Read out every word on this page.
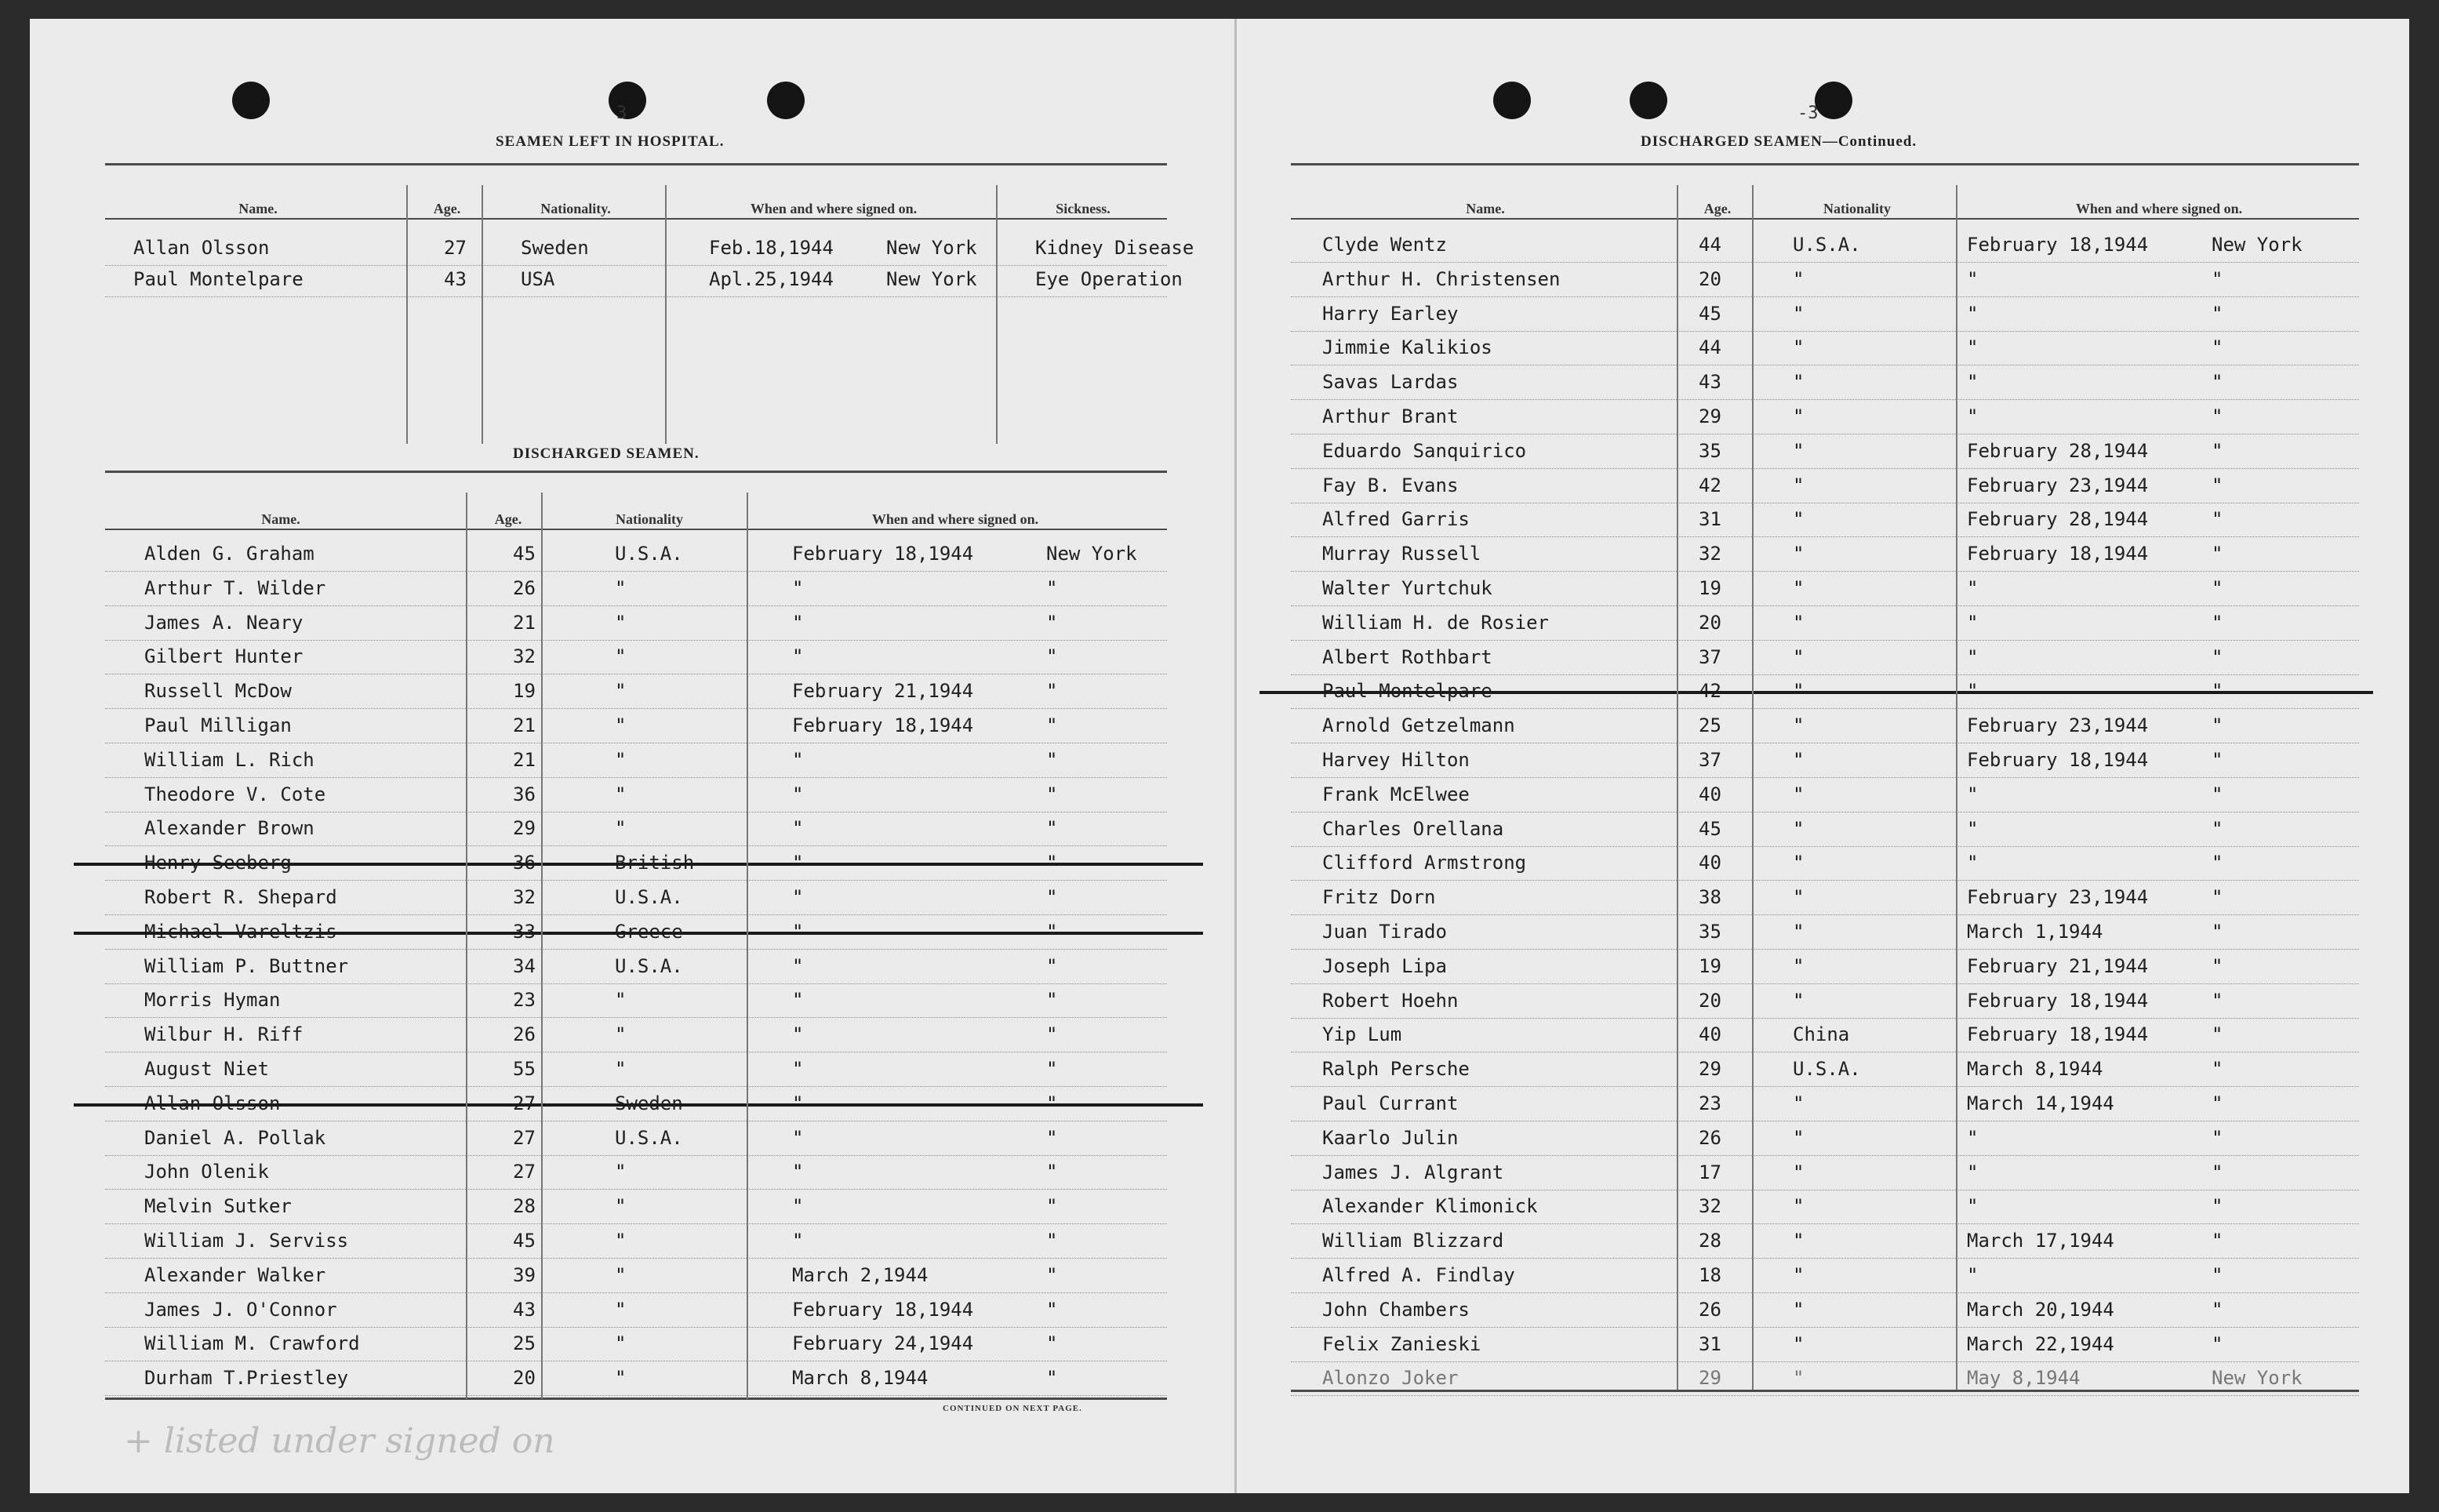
3
SEAMEN LEFT IN HOSPITAL.
Allan Olsson	27	Sweden	Feb.18,1944	New York	Kidney Disease
Paul Montelpare	43	USA	Apl.25,1944	New York	Eye Operation
DISCHARGED SEAMEN.
Alden G. Graham	45	U.S.A.	February 18,1944	New York
Arthur T. Wilder	26	"	"	"
James A. Neary	21	"	"	"
Gilbert Hunter	32	"	"	"
Russell McDow	19	"	February 21,1944	"
Paul Milligan	21	"	February 18,1944	"
William L. Rich	21	"	"	"
Theodore V. Cote	36	"	"	"
Alexander Brown	29	"	"	"
Robert R. Shepard	32	U.S.A.	"	"
William P. Buttner	34	U.S.A.	"	"
Morris Hyman	23	"	"	"
Wilbur H. Riff	26	"	"	"
August Niet	55	"	"	"
Daniel A. Pollak	27	U.S.A.	"	"
John Olenik	27	"	"	"
Melvin Sutker	28	"	"	"
William J. Serviss	45	"	"	"
Alexander Walker	39	"	March 2,1944	"
James J. O'Connor	43	"	February 18,1944	"
William M. Crawford	25	"	February 24,1944	"
Durham T.Priestley	20	"	March 8,1944	"
CONTINUED ON NEXT PAGE.
+ listed under signed on
-3
DISCHARGED SEAMEN—Continued.
Clyde Wentz	44	U.S.A.	February 18,1944	New York
Arthur H. Christensen	20	"	"	"
Harry Earley	45	"	"	"
Jimmie Kalikios	44	"	"	"
Savas Lardas	43	"	"	"
Arthur Brant	29	"	"	"
Eduardo Sanquirico	35	"	February 28,1944	"
Fay B. Evans	42	"	February 23,1944	"
Alfred Garris	31	"	February 28,1944	"
Murray Russell	32	"	February 18,1944	"
Walter Yurtchuk	19	"	"	"
William H. de Rosier	20	"	"	"
Albert Rothbart	37	"	"	"
Arnold Getzelmann	25	"	February 23,1944	"
Harvey Hilton	37	"	February 18,1944	"
Frank McElwee	40	"	"	"
Charles Orellana	45	"	"	"
Clifford Armstrong	40	"	"	"
Fritz Dorn	38	"	February 23,1944	"
Juan Tirado	35	"	March 1,1944	"
Joseph Lipa	19	"	February 21,1944	"
Robert Hoehn	20	"	February 18,1944	"
Yip Lum	40	China	February 18,1944	"
Ralph Persche	29	U.S.A.	March 8,1944	"
Paul Currant	23	"	March 14,1944	"
Kaarlo Julin	26	"	"	"
James J. Algrant	17	"	"	"
Alexander Klimonick	32	"	"	"
William Blizzard	28	"	March 17,1944	"
Alfred A. Findlay	18	"	"	"
John Chambers	26	"	March 20,1944	"
Felix Zanieski	31	"	March 22,1944	"
Alonzo Joker	29	"	May 8,1944	New York
Name.	Age.	Nationality.	When and where signed on.	Sickness.
Name.	Age.	Nationality	When and where signed on.
Name.	Age.	Nationality	When and where signed on.
